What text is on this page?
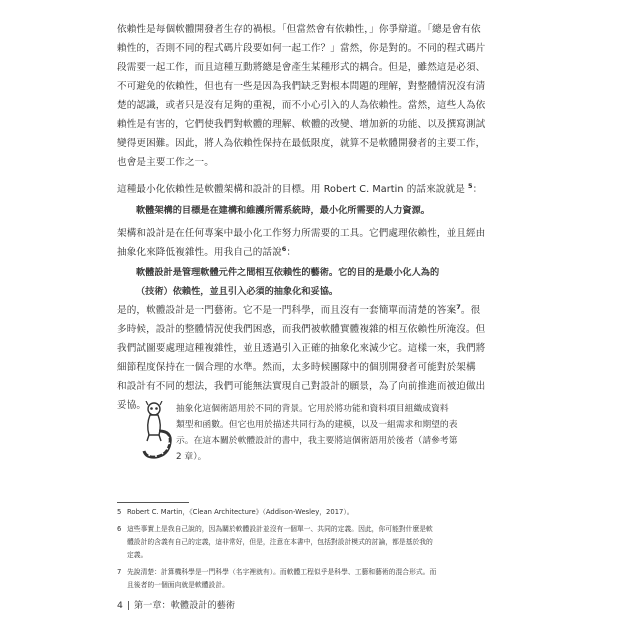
依賴性是每個軟體開發者生存的禍根。「但當然會有依賴性，」你爭辯道。「總是會有依
賴性的，否則不同的程式碼片段要如何一起工作？」當然，你是對的。不同的程式碼片
段需要一起工作，而且這種互動將總是會產生某種形式的耦合。但是，雖然這是必須、
不可避免的依賴性，但也有一些是因為我們缺乏對根本問題的理解，對整體情況沒有清
楚的認識，或者只是沒有足夠的重視，而不小心引入的人為依賴性。當然，這些人為依
賴性是有害的，它們使我們對軟體的理解、軟體的改變、增加新的功能、以及撰寫測試
變得更困難。因此，將人為依賴性保持在最低限度，就算不是軟體開發者的主要工作，
也會是主要工作之一。
這種最小化依賴性是軟體架構和設計的目標。用 Robert C. Martin 的話來說就是 $^5$：
軟體架構的目標是在建構和維護所需系統時，最小化所需要的人力資源。
架構和設計是在任何專案中最小化工作努力所需要的工具。它們處理依賴性，並且經由
抽象化來降低複雜性。用我自己的話說$^6$：
軟體設計是管理軟體元件之間相互依賴性的藝術。它的目的是最小化人為的
（技術）依賴性，並且引入必須的抽象化和妥協。
是的，軟體設計是一門藝術。它不是一門科學，而且沒有一套簡單而清楚的答案$^7$。很
多時候，設計的整體情況使我們困惑，而我們被軟體實體複雜的相互依賴性所淹沒。但
我們試圖要處理這種複雜性，並且透過引入正確的抽象化來減少它。這樣一來，我們將
細節程度保持在一個合理的水準。然而，太多時候團隊中的個別開發者可能對於架構
和設計有不同的想法，我們可能無法實現自己對設計的願景，為了向前推進而被迫做出
妥協。	抽象化這個術語用於不同的背景。它用於將功能和資料項目組織成資料
類型和函數。但它也用於描述共同行為的建模，以及一組需求和期望的表
示。在這本關於軟體設計的書中，我主要將這個術語用於後者（請參考第
2 章）。
5 Robert C. Martin，《Clean Architecture》（Addison-Wesley，2017）。
6 這些事實上是我自己說的，因為關於軟體設計並沒有一個單一、共同的定義。因此，你可能對什麼是軟
體設計的含義有自己的定義，這非常好，但是，注意在本書中，包括對設計模式的討論，都是基於我的
定義。
7 先說清楚：計算機科學是一門科學（名字裡就有）。而軟體工程似乎是科學、工藝和藝術的混合形式。而
且後者的一個面向就是軟體設計。
4 | 第一章：軟體設計的藝術
